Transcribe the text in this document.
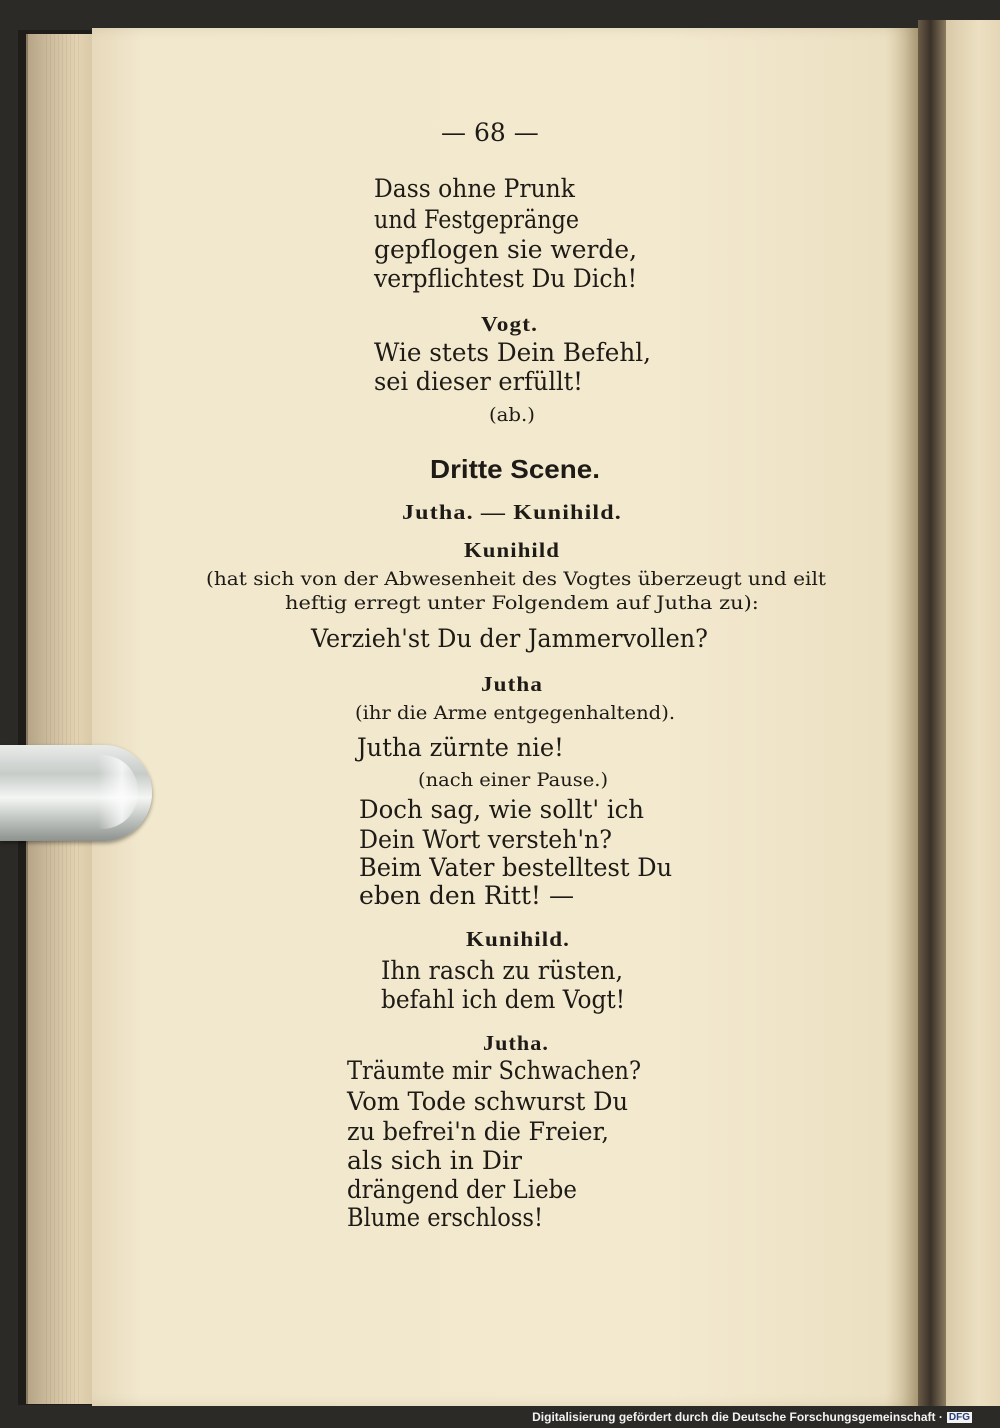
— 68 —
Dass ohne Prunk
und Festgepränge
gepflogen sie werde,
verpflichtest Du Dich!
Vogt.
Wie stets Dein Befehl,
sei dieser erfüllt!
(ab.)
Dritte Scene.
Jutha. — Kunihild.
Kunihild
(hat sich von der Abwesenheit des Vogtes überzeugt und eilt
heftig erregt unter Folgendem auf Jutha zu):
Verzieh'st Du der Jammervollen?
Jutha
(ihr die Arme entgegenhaltend).
Jutha zürnte nie!
(nach einer Pause.)
Doch sag, wie sollt' ich
Dein Wort versteh'n?
Beim Vater bestelltest Du
eben den Ritt! —
Kunihild.
Ihn rasch zu rüsten,
befahl ich dem Vogt!
Jutha.
Träumte mir Schwachen?
Vom Tode schwurst Du
zu befrei'n die Freier,
als sich in Dir
drängend der Liebe
Blume erschloss!
Digitalisierung gefördert durch die Deutsche Forschungsgemeinschaft · DFG
